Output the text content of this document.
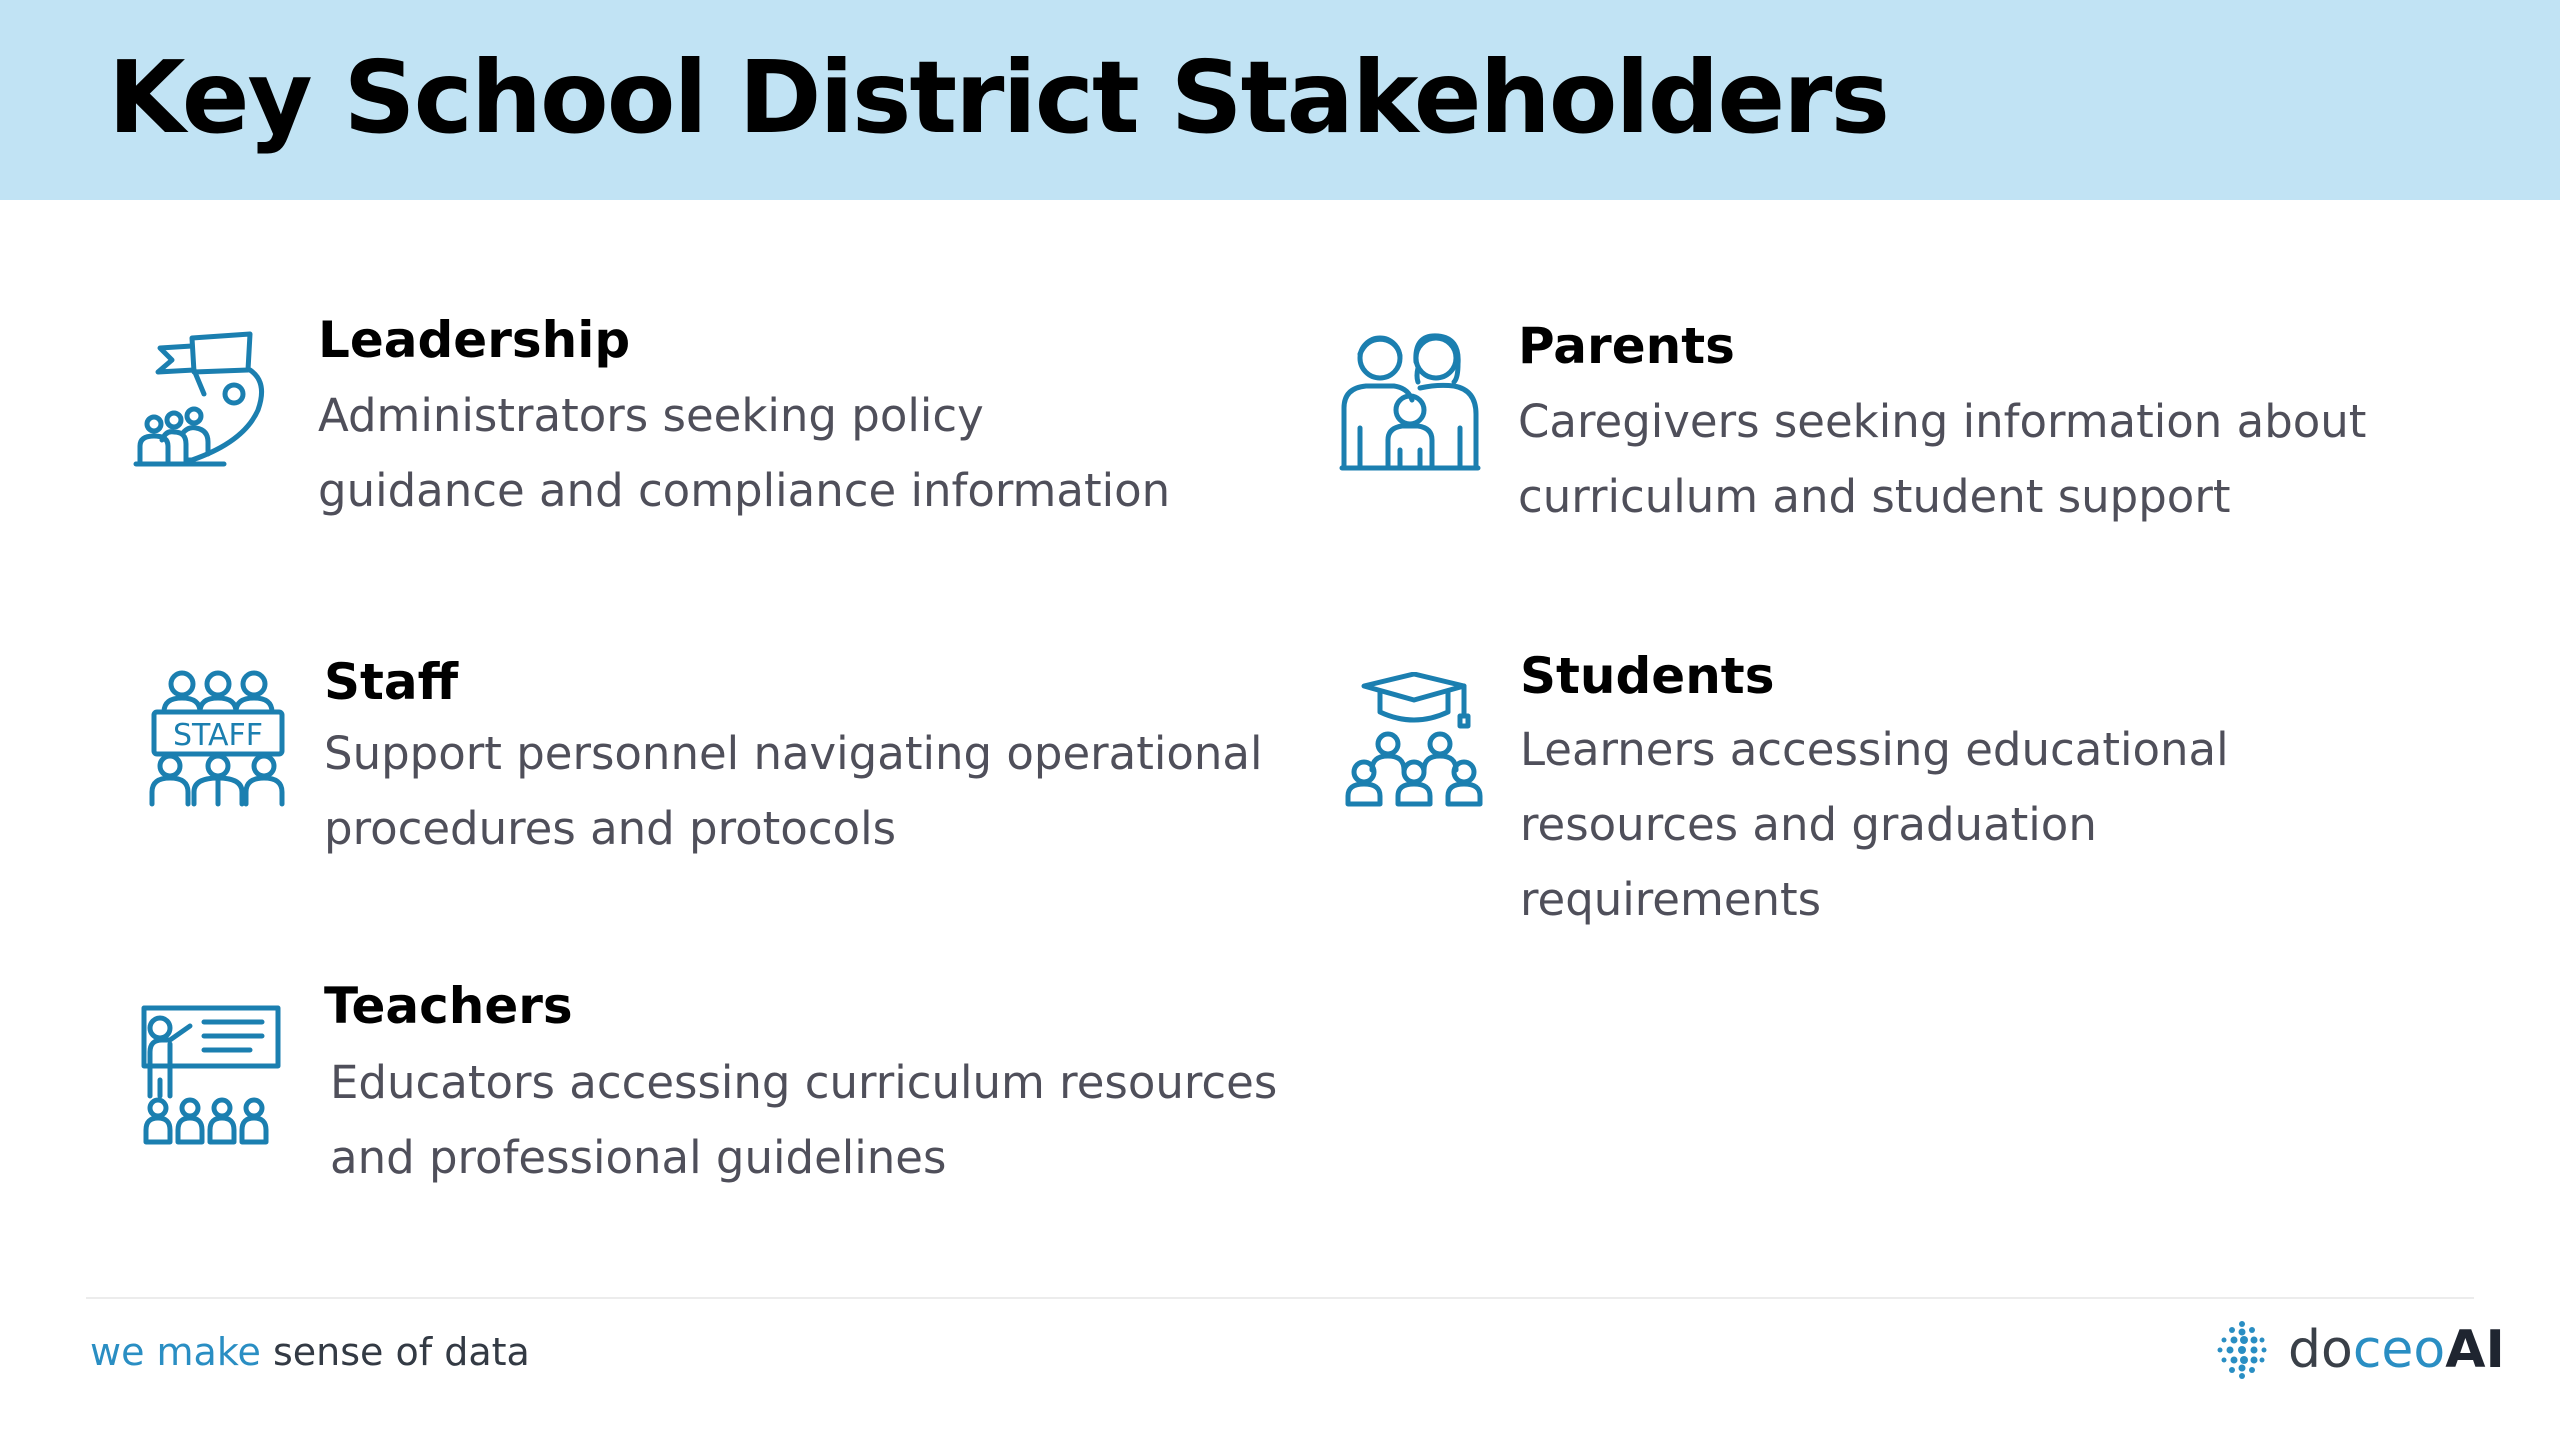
Key School District Stakeholders
Leadership

Administrators seeking policy
guidance and compliance information

Parents

Caregivers seeking information about
curriculum and student support

STAFF
Staff

Support personnel navigating operational
procedures and protocols

Students

Learners accessing educational
resources and graduation
requirements

Teachers

Educators accessing curriculum resources
and professional guidelines

we make sense of data	doceoAI
